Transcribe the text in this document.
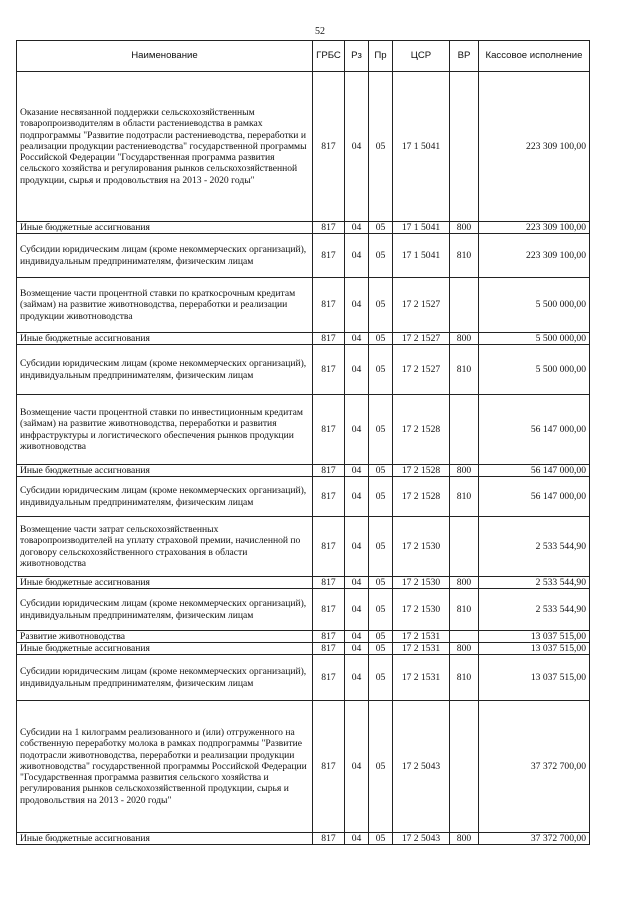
52
Наименование	ГРБС	Рз	Пр	ЦСР	ВР	Кассовое исполнение
Оказание несвязанной поддержки сельскохозяйственным товаропроизводителям в области растениеводства в рамках подпрограммы "Развитие подотрасли растениеводства, переработки и реализации продукции растениеводства" государственной программы Российской Федерации "Государственная программа развития сельского хозяйства и регулирования рынков сельскохозяйственной продукции, сырья и продовольствия на 2013 - 2020 годы"	817	04	05	17 1 5041		223 309 100,00
Иные бюджетные ассигнования	817	04	05	17 1 5041	800	223 309 100,00
Субсидии юридическим лицам (кроме некоммерческих организаций), индивидуальным предпринимателям, физическим лицам	817	04	05	17 1 5041	810	223 309 100,00
Возмещение части процентной ставки по краткосрочным кредитам (займам) на развитие животноводства, переработки и реализации продукции животноводства	817	04	05	17 2 1527		5 500 000,00
Иные бюджетные ассигнования	817	04	05	17 2 1527	800	5 500 000,00
Субсидии юридическим лицам (кроме некоммерческих организаций), индивидуальным предпринимателям, физическим лицам	817	04	05	17 2 1527	810	5 500 000,00
Возмещение части процентной ставки по инвестиционным кредитам (займам) на развитие животноводства, переработки и развития инфраструктуры и логистического обеспечения рынков продукции животноводства	817	04	05	17 2 1528		56 147 000,00
Иные бюджетные ассигнования	817	04	05	17 2 1528	800	56 147 000,00
Субсидии юридическим лицам (кроме некоммерческих организаций), индивидуальным предпринимателям, физическим лицам	817	04	05	17 2 1528	810	56 147 000,00
Возмещение части затрат сельскохозяйственных товаропроизводителей на уплату страховой премии, начисленной по договору сельскохозяйственного страхования в области животноводства	817	04	05	17 2 1530		2 533 544,90
Иные бюджетные ассигнования	817	04	05	17 2 1530	800	2 533 544,90
Субсидии юридическим лицам (кроме некоммерческих организаций), индивидуальным предпринимателям, физическим лицам	817	04	05	17 2 1530	810	2 533 544,90
Развитие животноводства	817	04	05	17 2 1531		13 037 515,00
Иные бюджетные ассигнования	817	04	05	17 2 1531	800	13 037 515,00
Субсидии юридическим лицам (кроме некоммерческих организаций), индивидуальным предпринимателям, физическим лицам	817	04	05	17 2 1531	810	13 037 515,00
Субсидии на 1 килограмм реализованного и (или) отгруженного на собственную переработку молока в рамках подпрограммы "Развитие подотрасли животноводства, переработки и реализации продукции животноводства" государственной программы Российской Федерации "Государственная программа развития сельского хозяйства и регулирования рынков сельскохозяйственной продукции, сырья и продовольствия на 2013 - 2020 годы"	817	04	05	17 2 5043		37 372 700,00
Иные бюджетные ассигнования	817	04	05	17 2 5043	800	37 372 700,00
